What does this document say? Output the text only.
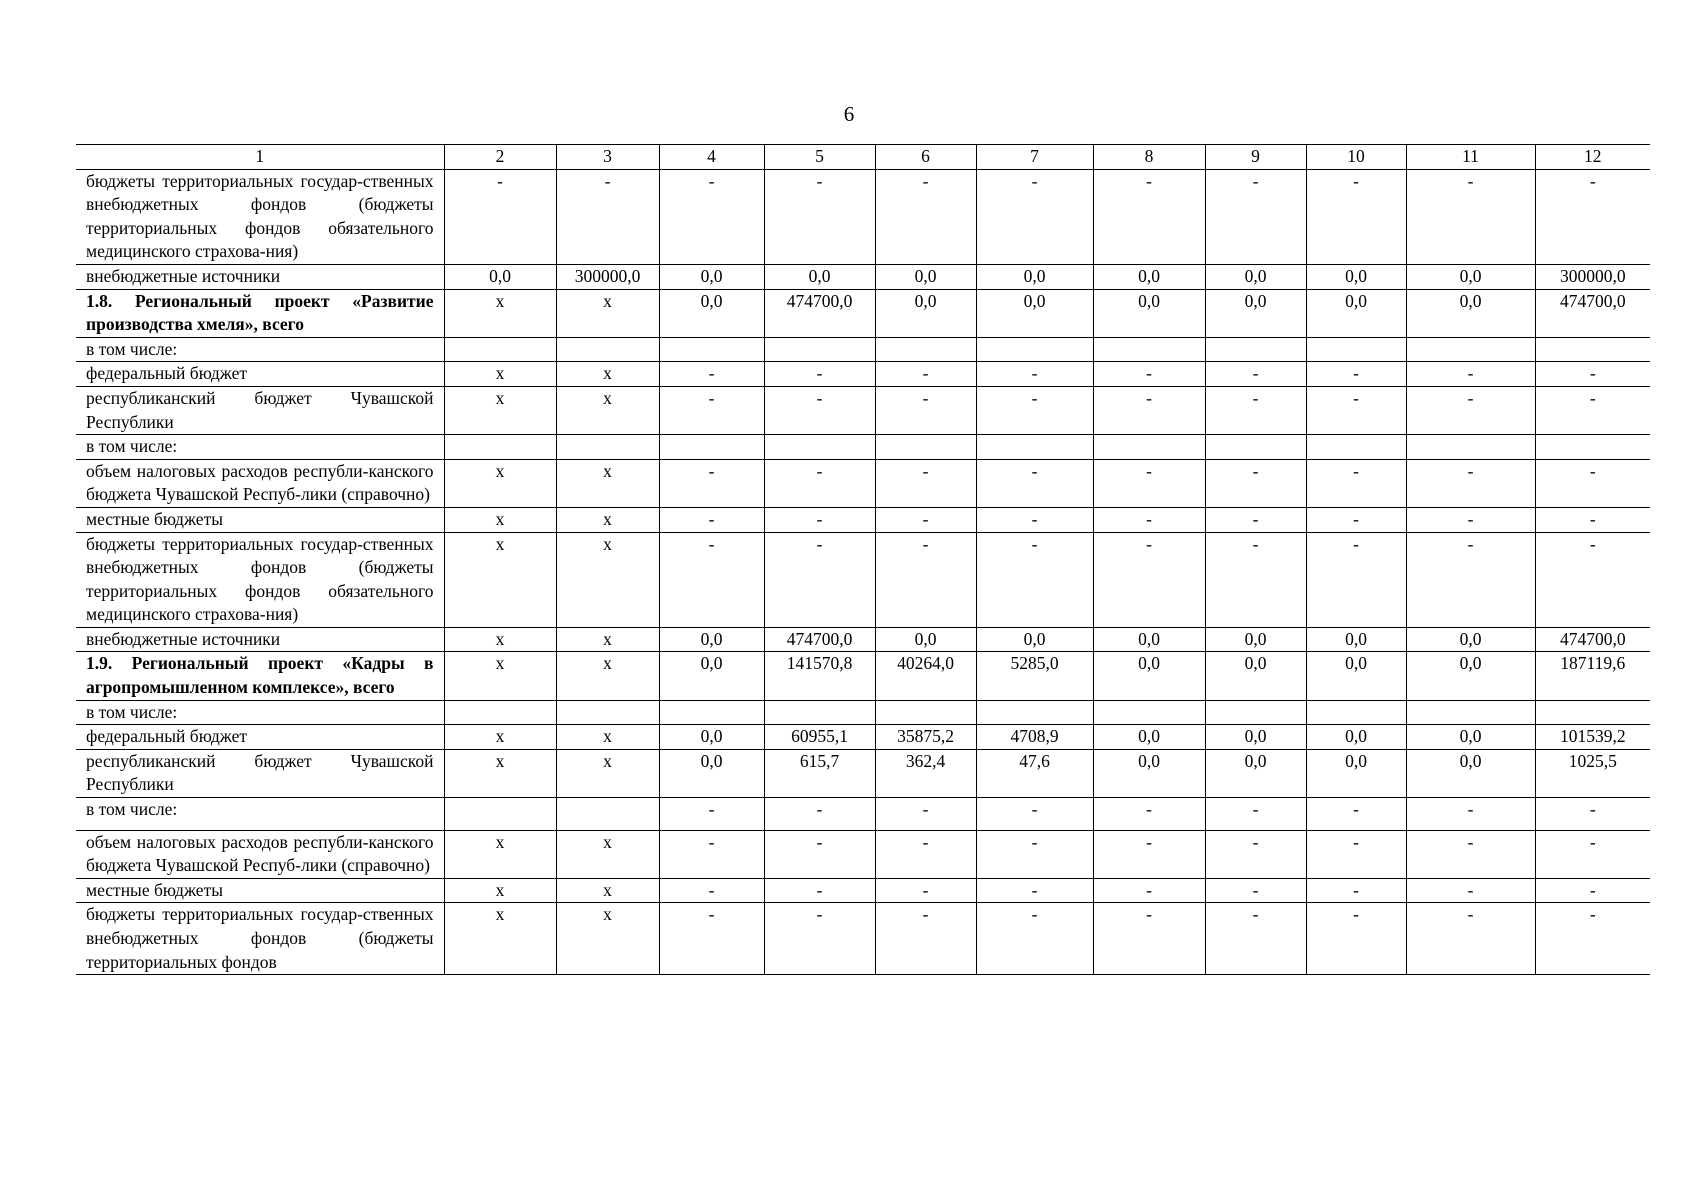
6
1	2	3	4	5	6	7	8	9	10	11	12
бюджеты территориальных государ-ственных внебюджетных фондов (бюджеты территориальных фондов обязательного медицинского страхова-ния)	-	-	-	-	-	-	-	-	-	-	-
внебюджетные источники	0,0	300000,0	0,0	0,0	0,0	0,0	0,0	0,0	0,0	0,0	300000,0
1.8. Региональный проект «Развитие производства хмеля», всего	х	х	0,0	474700,0	0,0	0,0	0,0	0,0	0,0	0,0	474700,0
в том числе:											
федеральный бюджет	х	х	-	-	-	-	-	-	-	-	-
республиканский бюджет Чувашской Республики	х	х	-	-	-	-	-	-	-	-	-
в том числе:											
объем налоговых расходов республи-канского бюджета Чувашской Респуб-лики (справочно)	х	х	-	-	-	-	-	-	-	-	-
местные бюджеты	х	х	-	-	-	-	-	-	-	-	-
бюджеты территориальных государ-ственных внебюджетных фондов (бюджеты территориальных фондов обязательного медицинского страхова-ния)	х	х	-	-	-	-	-	-	-	-	-
внебюджетные источники	х	х	0,0	474700,0	0,0	0,0	0,0	0,0	0,0	0,0	474700,0
1.9. Региональный проект «Кадры в агропромышленном комплексе», всего	х	х	0,0	141570,8	40264,0	5285,0	0,0	0,0	0,0	0,0	187119,6
в том числе:											
федеральный бюджет	х	х	0,0	60955,1	35875,2	4708,9	0,0	0,0	0,0	0,0	101539,2
республиканский бюджет Чувашской Республики	х	х	0,0	615,7	362,4	47,6	0,0	0,0	0,0	0,0	1025,5
в том числе:			-	-	-	-	-	-	-	-	-
объем налоговых расходов республи-канского бюджета Чувашской Респуб-лики (справочно)	х	х	-	-	-	-	-	-	-	-	-
местные бюджеты	х	х	-	-	-	-	-	-	-	-	-
бюджеты территориальных государ-ственных внебюджетных фондов (бюджеты территориальных фондов	х	х	-	-	-	-	-	-	-	-	-
